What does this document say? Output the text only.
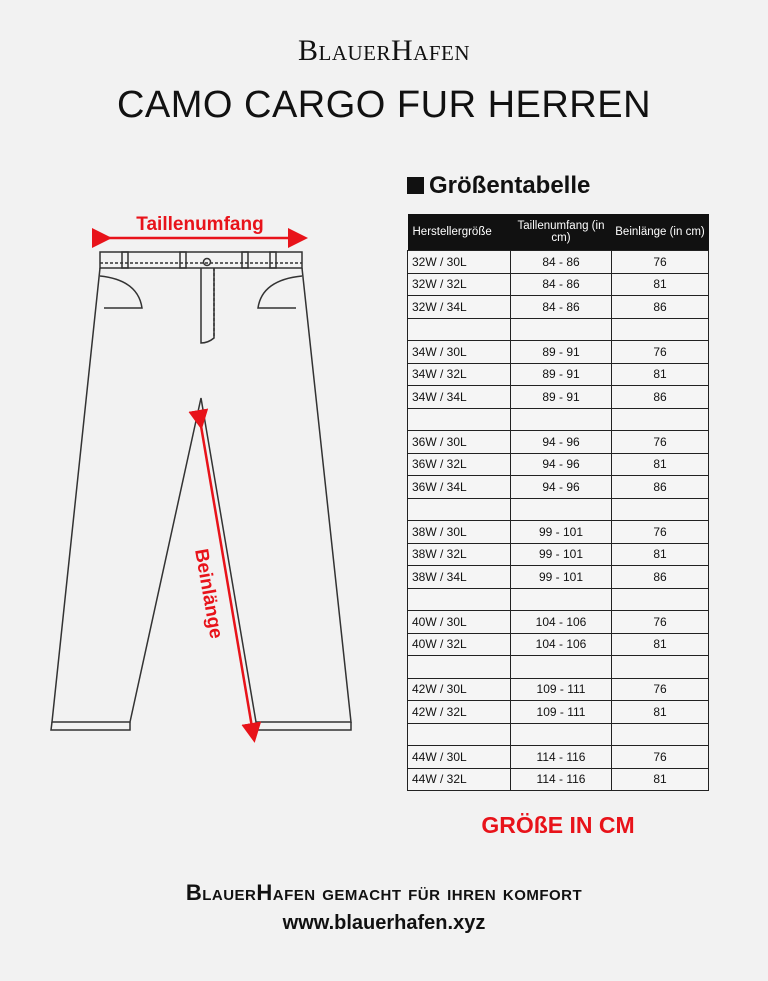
BlauerHafen
CAMO CARGO FUR HERREN
Taillenumfang
Beinlänge
Größentabelle
Herstellergröße	Taillenumfang (in cm)	Beinlänge (in cm)
32W / 30L	84 - 86	76
32W / 32L	84 - 86	81
32W / 34L	84 - 86	86

34W / 30L	89 - 91	76
34W / 32L	89 - 91	81
34W / 34L	89 - 91	86

36W / 30L	94 - 96	76
36W / 32L	94 - 96	81
36W / 34L	94 - 96	86

38W / 30L	99 - 101	76
38W / 32L	99 - 101	81
38W / 34L	99 - 101	86

40W / 30L	104 - 106	76
40W / 32L	104 - 106	81

42W / 30L	109 - 111	76
42W / 32L	109 - 111	81

44W / 30L	114 - 116	76
44W / 32L	114 - 116	81
GRÖßE IN CM
BlauerHafen gemacht für ihren komfort
www.blauerhafen.xyz
